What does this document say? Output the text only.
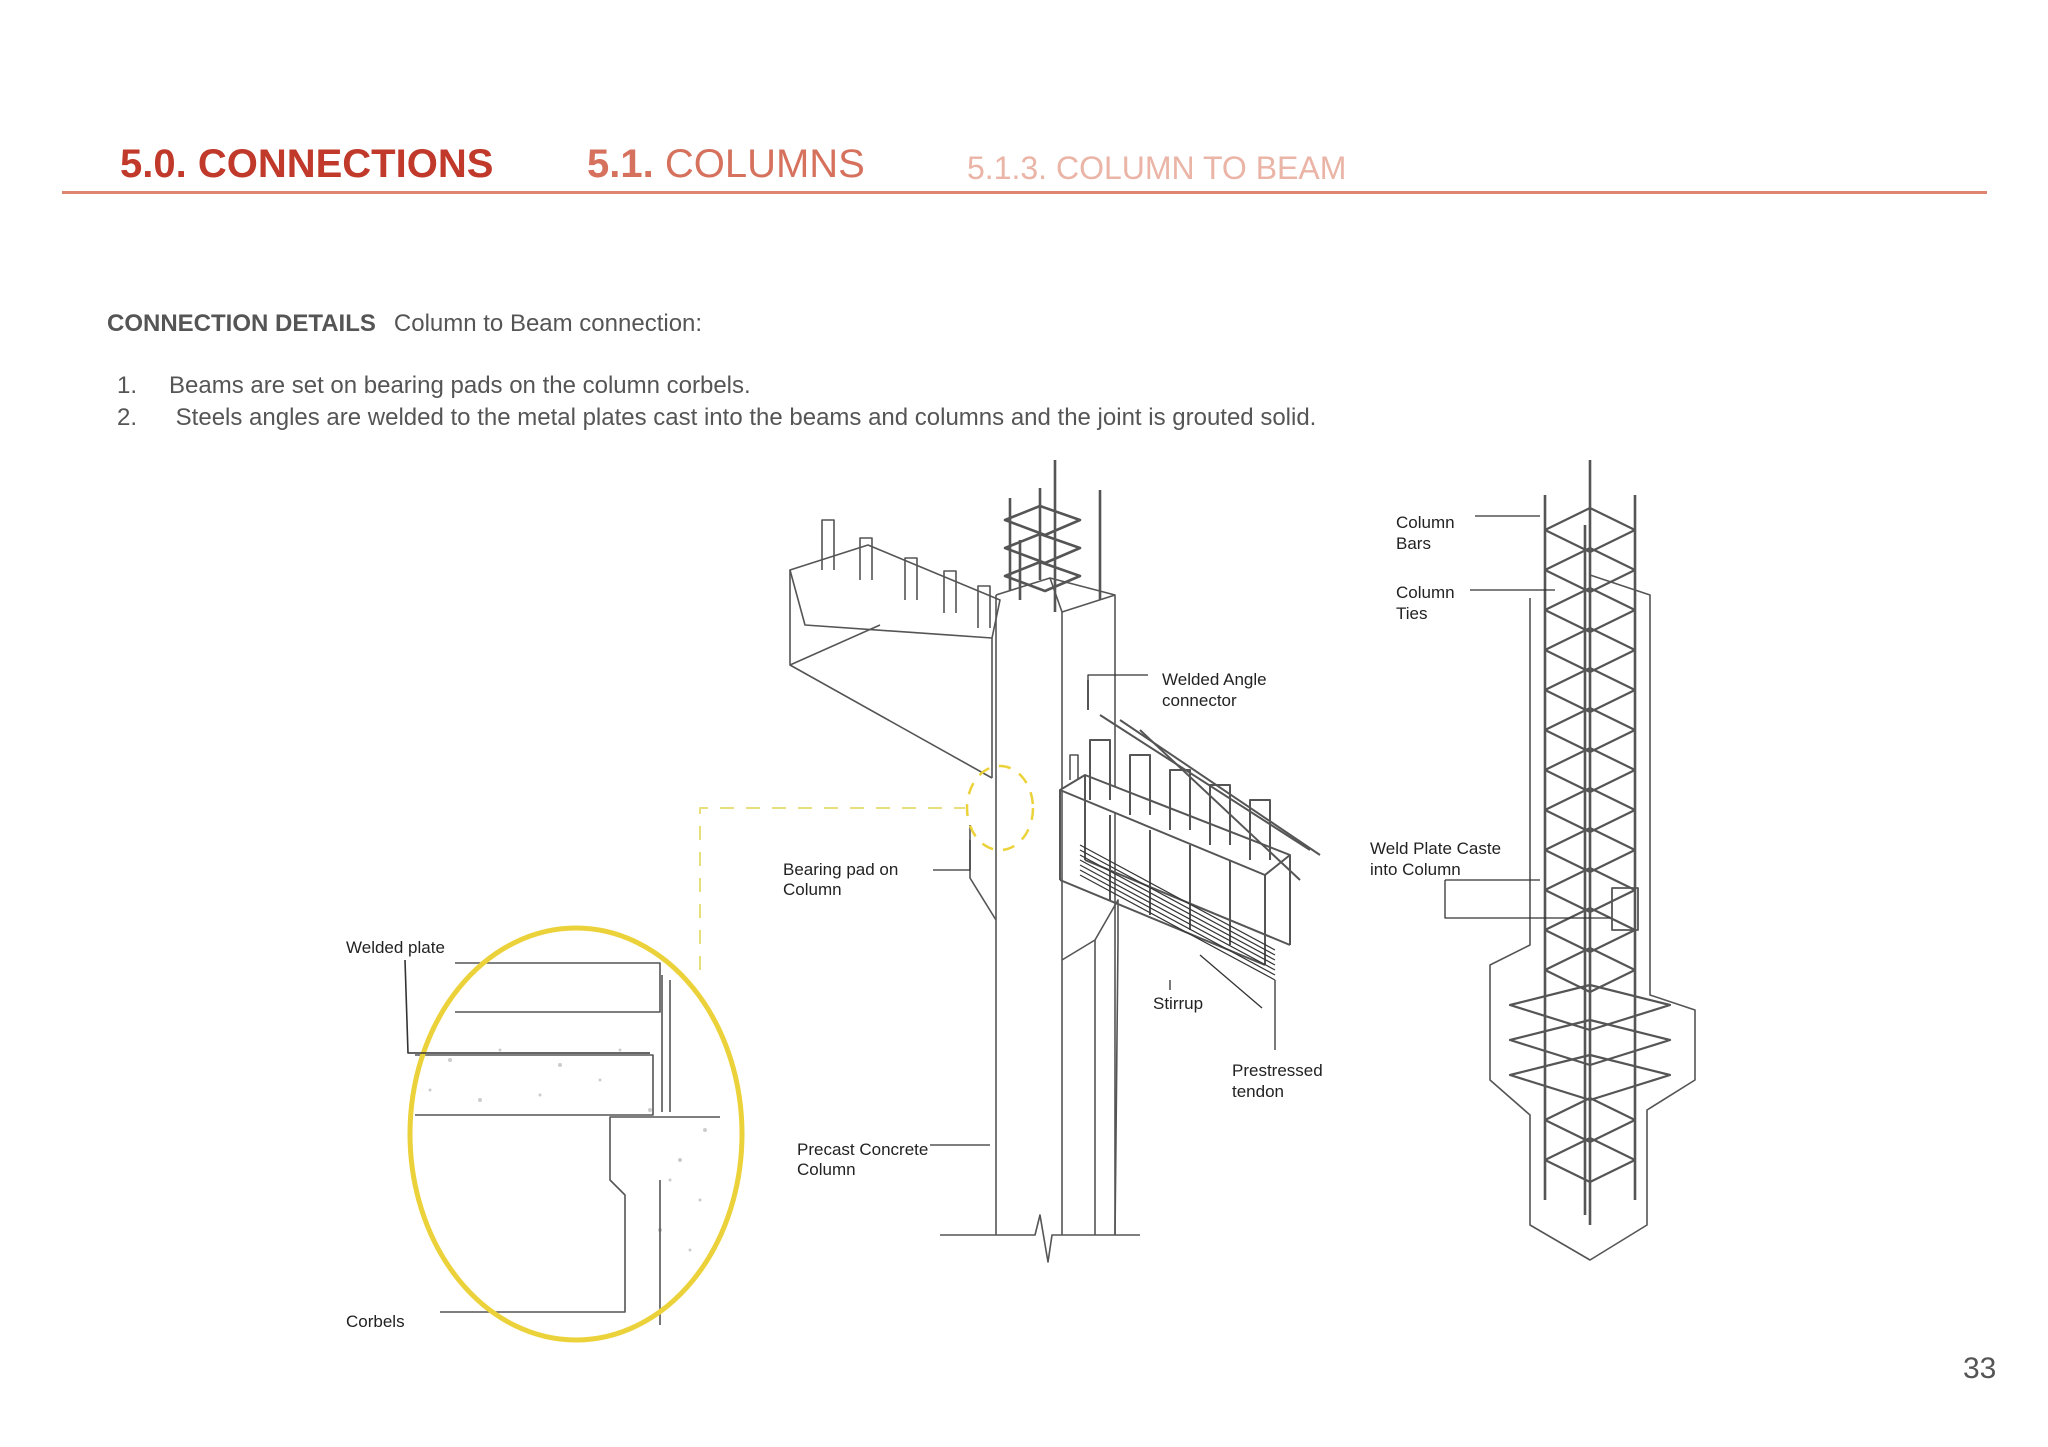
5.0. CONNECTIONS 5.1. COLUMNS	5.1.3. COLUMN TO BEAM
CONNECTION DETAILS Column to Beam connection:
1. Beams are set on bearing pads on the column corbels.
2. Steels angles are welded to the metal plates cast into the beams and columns and the joint is grouted solid.
Welded plate
Corbels
Bearing pad on
Column
Welded Angle
connector
Stirrup
Prestressed
tendon
Precast Concrete
Column
Column
Bars
Column
Ties
Weld Plate Caste
into Column
33
